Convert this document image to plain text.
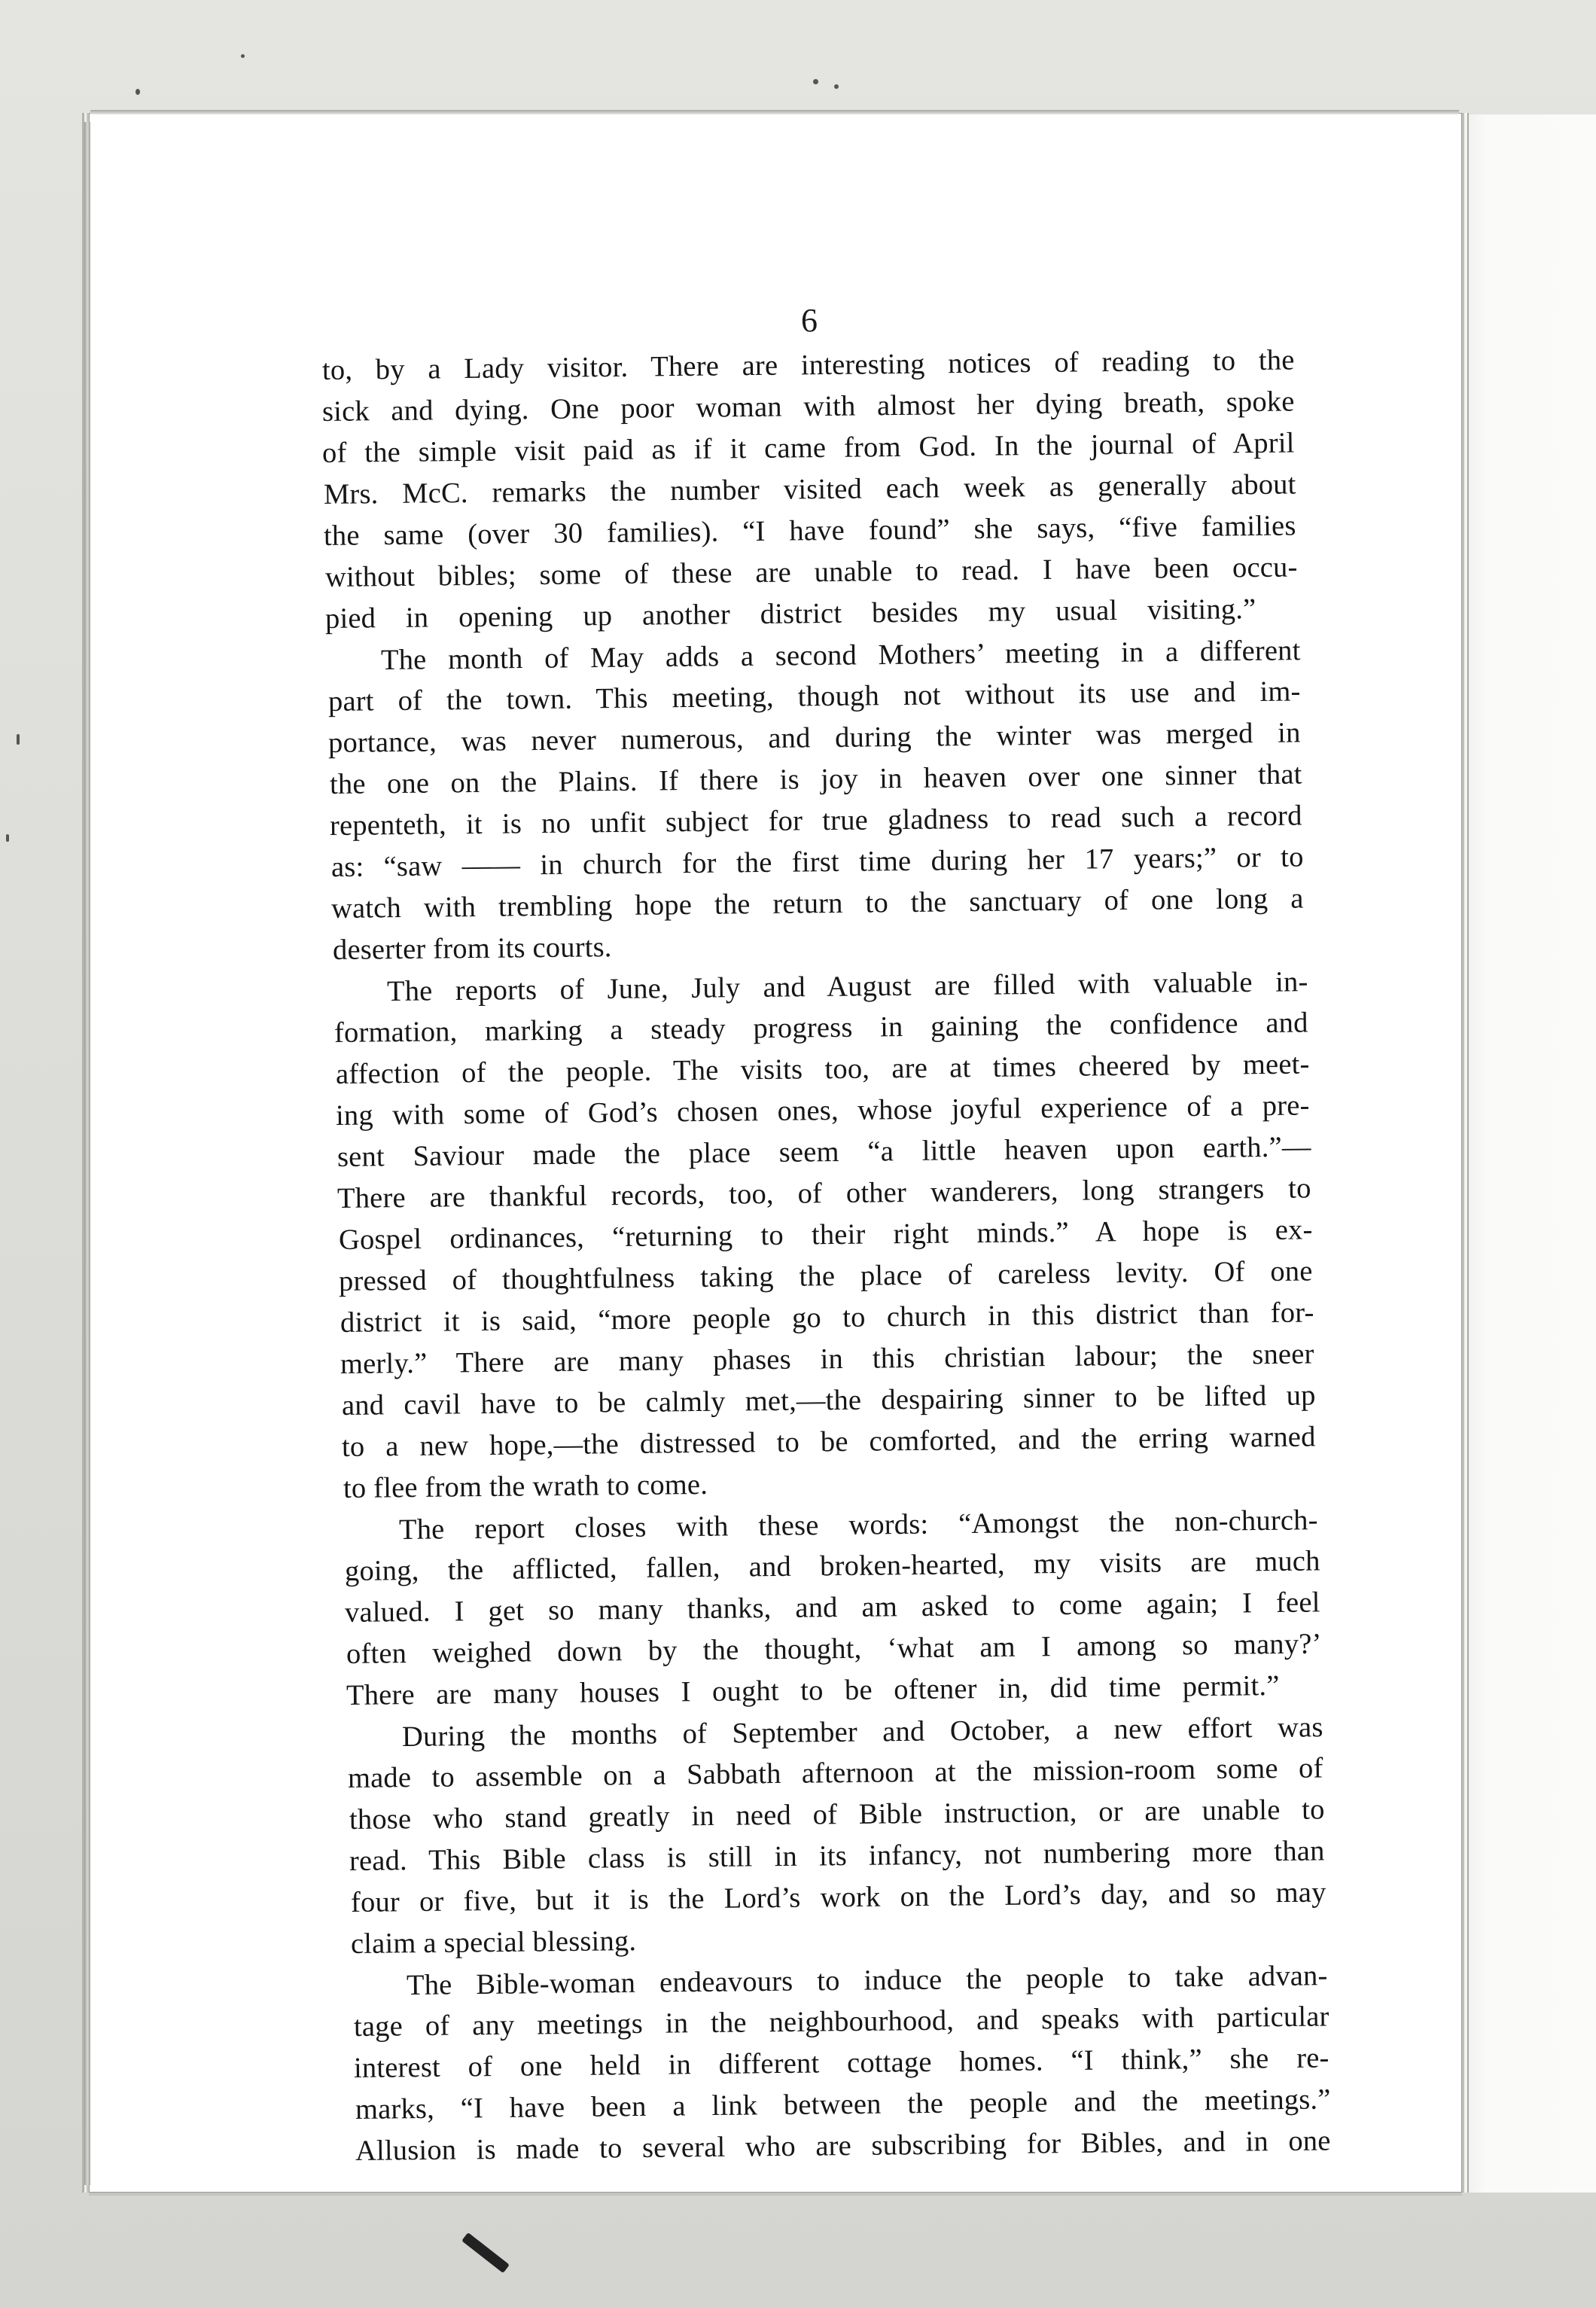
6
to, by a Lady visitor. There are interesting notices of reading to the
sick and dying. One poor woman with almost her dying breath, spoke
of the simple visit paid as if it came from God. In the journal of April
Mrs. McC. remarks the number visited each week as generally about
the same (over 30 families). “I have found” she says, “five families
without bibles; some of these are unable to read. I have been occu-
pied in opening up another district besides my usual visiting.”
The month of May adds a second Mothers’ meeting in a different
part of the town. This meeting, though not without its use and im-
portance, was never numerous, and during the winter was merged in
the one on the Plains. If there is joy in heaven over one sinner that
repenteth, it is no unfit subject for true gladness to read such a record
as: “saw —— in church for the first time during her 17 years;” or to
watch with trembling hope the return to the sanctuary of one long a
deserter from its courts.
The reports of June, July and August are filled with valuable in-
formation, marking a steady progress in gaining the confidence and
affection of the people. The visits too, are at times cheered by meet-
ing with some of God’s chosen ones, whose joyful experience of a pre-
sent Saviour made the place seem “a little heaven upon earth.”—
There are thankful records, too, of other wanderers, long strangers to
Gospel ordinances, “returning to their right minds.” A hope is ex-
pressed of thoughtfulness taking the place of careless levity. Of one
district it is said, “more people go to church in this district than for-
merly.” There are many phases in this christian labour; the sneer
and cavil have to be calmly met,—the despairing sinner to be lifted up
to a new hope,—the distressed to be comforted, and the erring warned
to flee from the wrath to come.
The report closes with these words: “Amongst the non-church-
going, the afflicted, fallen, and broken-hearted, my visits are much
valued. I get so many thanks, and am asked to come again; I feel
often weighed down by the thought, ‘what am I among so many?’
There are many houses I ought to be oftener in, did time permit.”
During the months of September and October, a new effort was
made to assemble on a Sabbath afternoon at the mission-room some of
those who stand greatly in need of Bible instruction, or are unable to
read. This Bible class is still in its infancy, not numbering more than
four or five, but it is the Lord’s work on the Lord’s day, and so may
claim a special blessing.
The Bible-woman endeavours to induce the people to take advan-
tage of any meetings in the neighbourhood, and speaks with particular
interest of one held in different cottage homes. “I think,” she re-
marks, “I have been a link between the people and the meetings.”
Allusion is made to several who are subscribing for Bibles, and in one
